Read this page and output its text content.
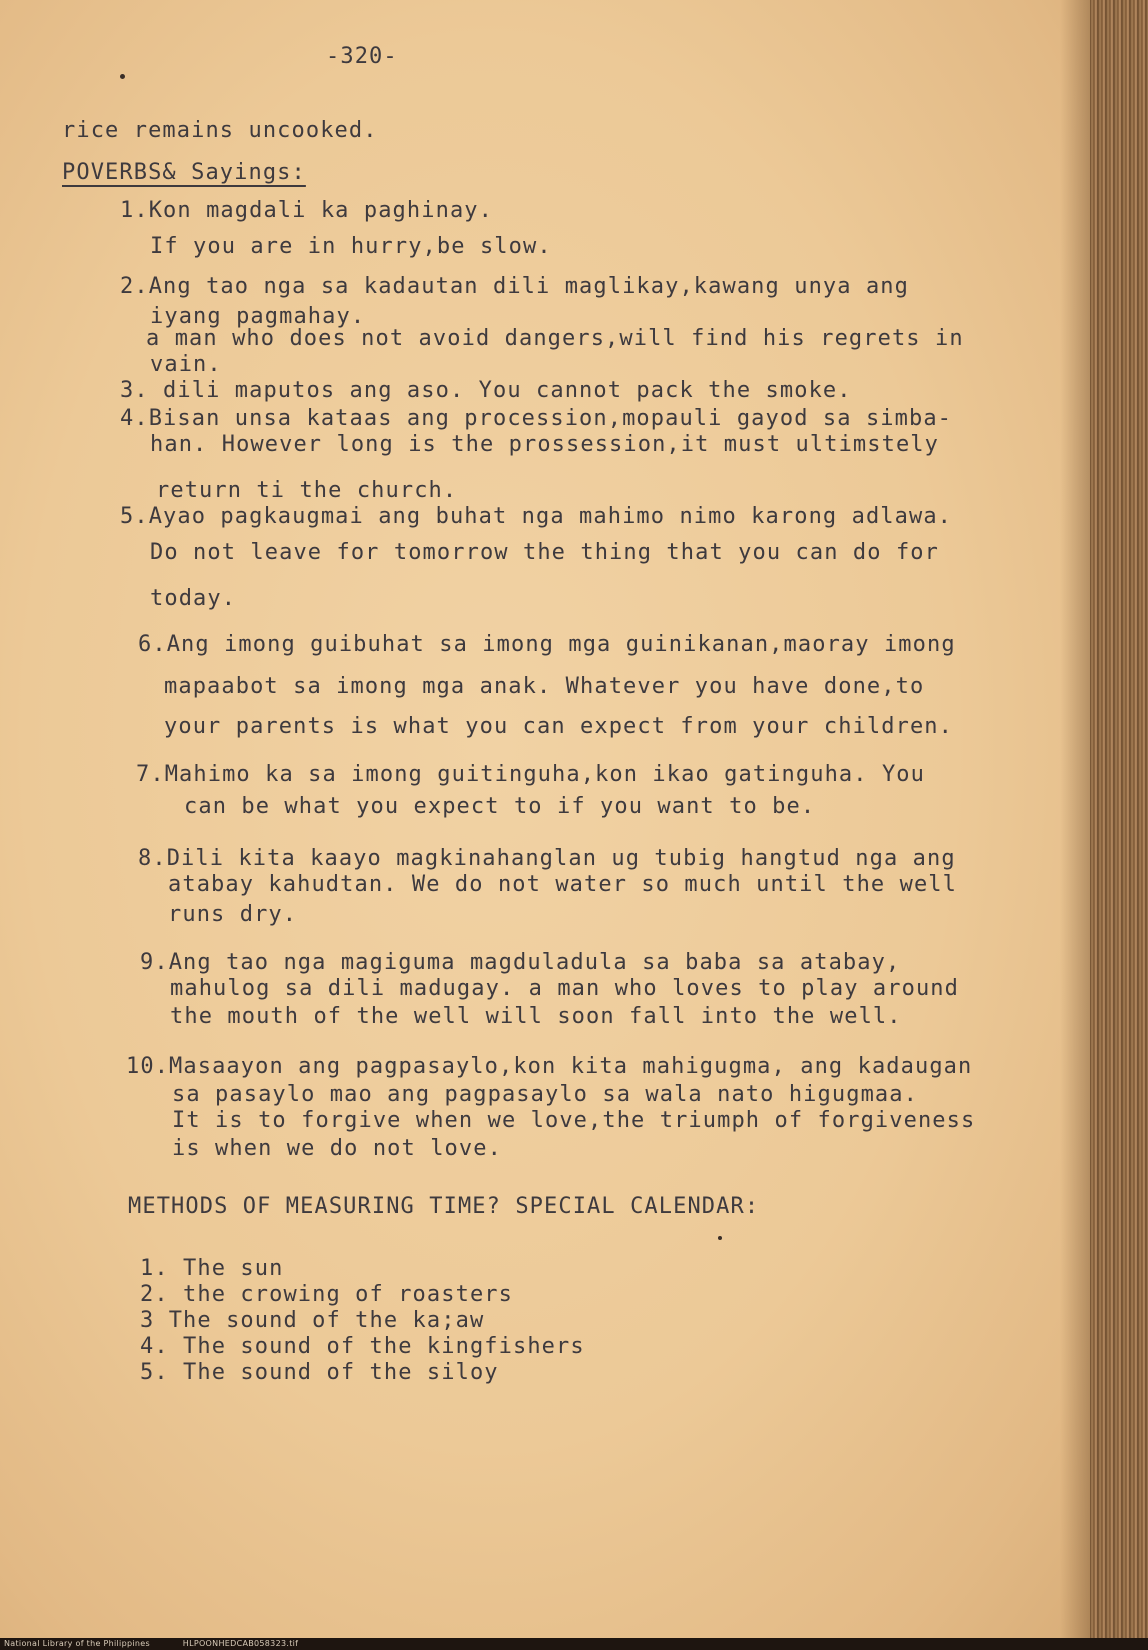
-320-
rice remains uncooked.
POVERBS& Sayings:
1.Kon magdali ka paghinay.
If you are in hurry,be slow.
2.Ang tao nga sa kadautan dili maglikay,kawang unya ang
iyang pagmahay.
a man who does not avoid dangers,will find his regrets in
vain.
3. dili maputos ang aso. You cannot pack the smoke.
4.Bisan unsa kataas ang procession,mopauli gayod sa simba-
han. However long is the prossession,it must ultimstely
return ti the church.
5.Ayao pagkaugmai ang buhat nga mahimo nimo karong adlawa.
Do not leave for tomorrow the thing that you can do for
today.
6.Ang imong guibuhat sa imong mga guinikanan,maoray imong
mapaabot sa imong mga anak. Whatever you have done,to
your parents is what you can expect from your children.
7.Mahimo ka sa imong guitinguha,kon ikao gatinguha. You
can be what you expect to if you want to be.
8.Dili kita kaayo magkinahanglan ug tubig hangtud nga ang
atabay kahudtan. We do not water so much until the well
runs dry.
9.Ang tao nga magiguma magduladula sa baba sa atabay,
mahulog sa dili madugay. a man who loves to play around
the mouth of the well will soon fall into the well.
10.Masaayon ang pagpasaylo,kon kita mahigugma, ang kadaugan
sa pasaylo mao ang pagpasaylo sa wala nato higugmaa.
It is to forgive when we love,the triumph of forgiveness
is when we do not love.
METHODS OF MEASURING TIME? SPECIAL CALENDAR:
1. The sun
2. the crowing of roasters
3 The sound of the ka;aw
4. The sound of the kingfishers
5. The sound of the siloy
National Library of the Philippines	HLPOONHEDCAB058323.tif
